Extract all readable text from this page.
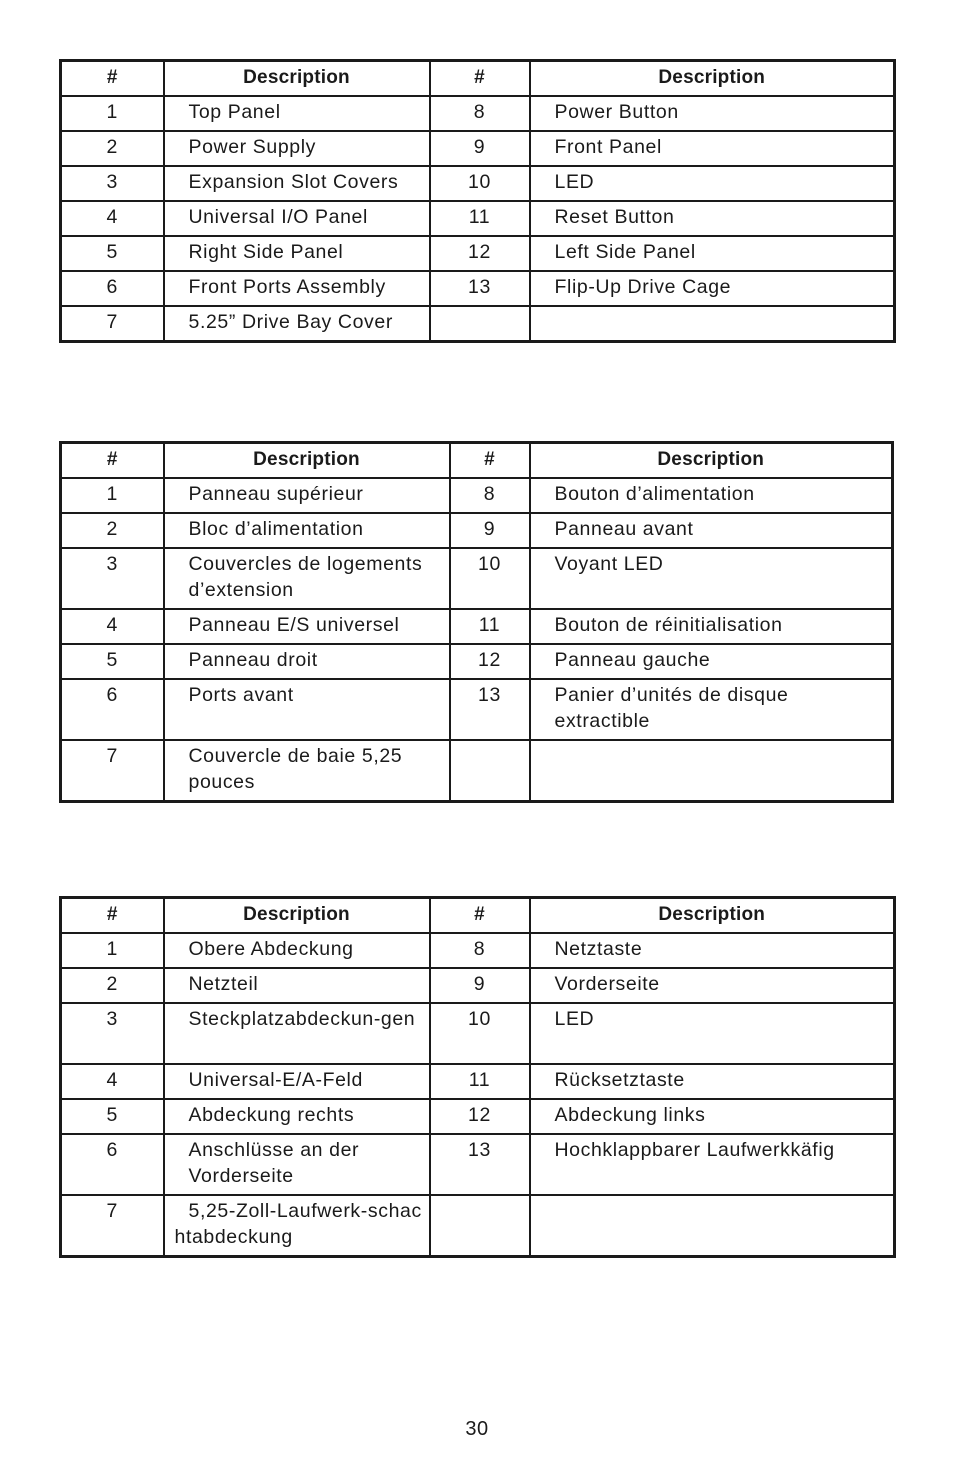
#	Description	#	Description
1	Top Panel	8	Power Button
2	Power Supply	9	Front Panel
3	Expansion Slot Covers	10	LED
4	Universal I/O Panel	11	Reset Button
5	Right Side Panel	12	Left Side Panel
6	Front Ports Assembly	13	Flip-Up Drive Cage
7	5.25” Drive Bay Cover		
#	Description	#	Description
1	Panneau supérieur	8	Bouton d’alimentation
2	Bloc d’alimentation	9	Panneau avant
3	Couvercles de logements d’extension	10	Voyant LED
4	Panneau E/S universel	11	Bouton de réinitialisation
5	Panneau droit	12	Panneau gauche
6	Ports avant	13	Panier d’unités de disque extractible
7	Couvercle de baie 5,25 pouces		
#	Description	#	Description
1	Obere Abdeckung	8	Netztaste
2	Netzteil	9	Vorderseite
3	Steckplatzabdeckun-gen	10	LED
4	Universal-E/A-Feld	11	Rücksetztaste
5	Abdeckung rechts	12	Abdeckung links
6	Anschlüsse an der Vorderseite	13	Hochklappbarer Laufwerkkäfig
7	5,25-Zoll-Laufwerk-schachtabdeckung		
30
